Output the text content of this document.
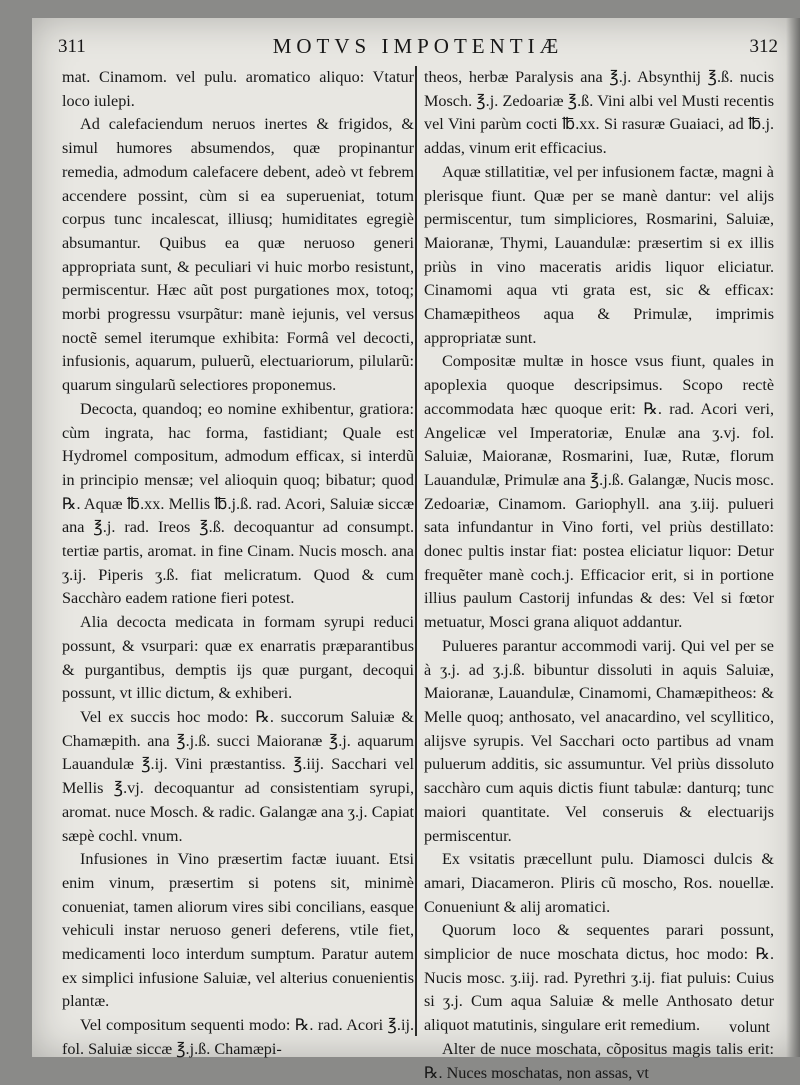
311	MOTVS IMPOTENTIÆ	312

mat. Cinamom. vel pulu. aromatico aliquo: Vtatur loco iulepi.

Ad calefaciendum neruos inertes & frigidos, & simul humores absumendos, quæ propinantur remedia, admodum calefacere debent, adeò vt febrem accendere possint, cùm si ea superueniat, totum corpus tunc incalescat, illiusq; humiditates egregiè absumantur. Quibus ea quæ neruoso generi appropriata sunt, & peculiari vi huic morbo resistunt, permiscentur. Hæc aũt post purgationes mox, totoq; morbi progressu vsurpãtur: manè iejunis, vel versus noctẽ semel iterumque exhibita: Formâ vel decocti, infusionis, aquarum, puluerũ, electuariorum, pilularũ: quarum singularũ selectiores proponemus.

Decocta, quandoq; eo nomine exhibentur, gratiora: cùm ingrata, hac forma, fastidiant; Quale est Hydromel compositum, admodum efficax, si interdũ in principio mensæ; vel alioquin quoq; bibatur; quod ℞. Aquæ ℔.xx. Mellis ℔.j.ß. rad. Acori, Saluiæ siccæ ana ℥.j. rad. Ireos ℥.ß. decoquantur ad consumpt. tertiæ partis, aromat. in fine Cinam. Nucis mosch. ana ʒ.ij. Piperis ʒ.ß. fiat melicratum. Quod & cum Sacchàro eadem ratione fieri potest.

Alia decocta medicata in formam syrupi reduci possunt, & vsurpari: quæ ex enarratis præparantibus & purgantibus, demptis ijs quæ purgant, decoqui possunt, vt illic dictum, & exhiberi.

Vel ex succis hoc modo: ℞. succorum Saluiæ & Chamæpith. ana ℥.j.ß. succi Maioranæ ℥.j. aquarum Lauandulæ ℥.ij. Vini præstantiss. ℥.iij. Sacchari vel Mellis ℥.vj. decoquantur ad consistentiam syrupi, aromat. nuce Mosch. & radic. Galangæ ana ʒ.j. Capiat sæpè cochl. vnum.

Infusiones in Vino præsertim factæ iuuant. Etsi enim vinum, præsertim si potens sit, minimè conueniat, tamen aliorum vires sibi concilians, easque vehiculi instar neruoso generi deferens, vtile fiet, medicamenti loco interdum sumptum. Paratur autem ex simplici infusione Saluiæ, vel alterius conuenientis plantæ.

Vel compositum sequenti modo: ℞. rad. Acori ℥.ij. fol. Saluiæ siccæ ℥.j.ß. Chamæpi-

theos, herbæ Paralysis ana ℥.j. Absynthij ℥.ß. nucis Mosch. ℥.j. Zedoariæ ℥.ß. Vini albi vel Musti recentis vel Vini parùm cocti ℔.xx. Si rasuræ Guaiaci, ad ℔.j. addas, vinum erit efficacius.

Aquæ stillatitiæ, vel per infusionem factæ, magni à plerisque fiunt. Quæ per se manè dantur: vel alijs permiscentur, tum simpliciores, Rosmarini, Saluiæ, Maioranæ, Thymi, Lauandulæ: præsertim si ex illis priùs in vino maceratis aridis liquor eliciatur. Cinamomi aqua vti grata est, sic & efficax: Chamæpitheos aqua & Primulæ, imprimis appropriatæ sunt.

Compositæ multæ in hosce vsus fiunt, quales in apoplexia quoque descripsimus. Scopo rectè accommodata hæc quoque erit: ℞. rad. Acori veri, Angelicæ vel Imperatoriæ, Enulæ ana ʒ.vj. fol. Saluiæ, Maioranæ, Rosmarini, Iuæ, Rutæ, florum Lauandulæ, Primulæ ana ℥.j.ß. Galangæ, Nucis mosc. Zedoariæ, Cinamom. Gariophyll. ana ʒ.iij. pulueri sata infundantur in Vino forti, vel priùs destillato: donec pultis instar fiat: postea eliciatur liquor: Detur frequẽter manè coch.j. Efficacior erit, si in portione illius paulum Castorij infundas & des: Vel si fœtor metuatur, Mosci grana aliquot addantur.

Pulueres parantur accommodi varij. Qui vel per se à ʒ.j. ad ʒ.j.ß. bibuntur dissoluti in aquis Saluiæ, Maioranæ, Lauandulæ, Cinamomi, Chamæpitheos: & Melle quoq; anthosato, vel anacardino, vel scyllitico, alijsve syrupis. Vel Sacchari octo partibus ad vnam puluerum additis, sic assumuntur. Vel priùs dissoluto sacchàro cum aquis dictis fiunt tabulæ: danturq; tunc maiori quantitate. Vel conseruis & electuarijs permiscentur.

Ex vsitatis præcellunt pulu. Diamosci dulcis & amari, Diacameron. Pliris cũ moscho, Ros. nouellæ. Conueniunt & alij aromatici.

Quorum loco & sequentes parari possunt, simplicior de nuce moschata dictus, hoc modo: ℞. Nucis mosc. ʒ.iij. rad. Pyrethri ʒ.ij. fiat puluis: Cuius si ʒ.j. Cum aqua Saluiæ & melle Anthosato detur aliquot matutinis, singulare erit remedium.

Alter de nuce moschata, cõpositus magis talis erit: ℞. Nuces moschatas, non assas, vt

volunt
